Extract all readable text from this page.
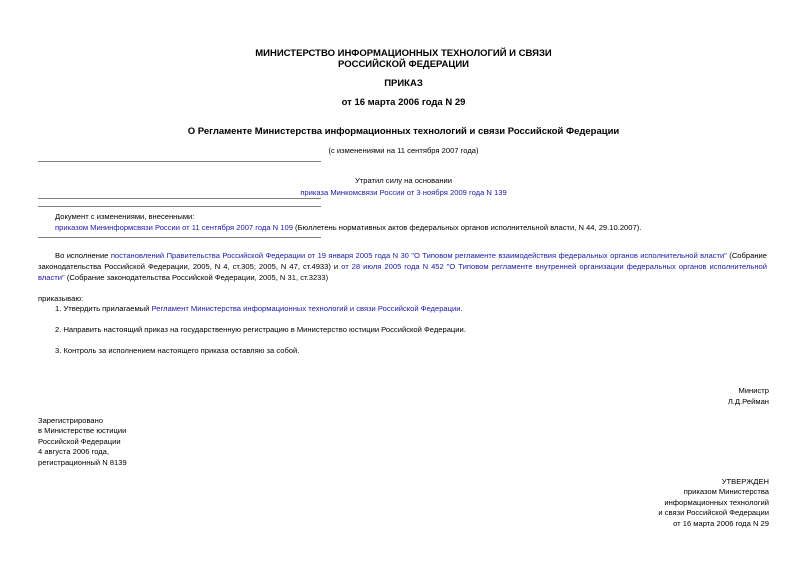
МИНИСТЕРСТВО ИНФОРМАЦИОННЫХ ТЕХНОЛОГИЙ И СВЯЗИ
РОССИЙСКОЙ ФЕДЕРАЦИИ
ПРИКАЗ
от 16 марта 2006 года N 29
О Регламенте Министерства информационных технологий и связи Российской Федерации
(с изменениями на 11 сентября 2007 года)
Утратил силу на основании
приказа Минкомсвязи России от 3 ноября 2009 года N 139
Документ с изменениями, внесенными:
приказом Мининформсвязи России от 11 сентября 2007 года N 109 (Бюллетень нормативных актов федеральных органов исполнительной власти, N 44, 29.10.2007).
Во исполнение постановлений Правительства Российской Федерации от 19 января 2005 года N 30 "О Типовом регламенте взаимодействия федеральных органов исполнительной власти" (Собрание законодательства Российской Федерации, 2005, N 4, ст.305; 2005, N 47, ст.4933) и от 28 июля 2005 года N 452 "О Типовом регламенте внутренней организации федеральных органов исполнительной власти" (Собрание законодательства Российской Федерации, 2005, N 31, ст.3233)
приказываю:
1. Утвердить прилагаемый Регламент Министерства информационных технологий и связи Российской Федерации.
2. Направить настоящий приказ на государственную регистрацию в Министерство юстиции Российской Федерации.
3. Контроль за исполнением настоящего приказа оставляю за собой.
Министр
Л.Д.Рейман
Зарегистрировано
в Министерстве юстиции
Российской Федерации
4 августа 2006 года,
регистрационный N 8139
УТВЕРЖДЕН
приказом Министерства
информационных технологий
и связи Российской Федерации
от 16 марта 2006 года N 29
